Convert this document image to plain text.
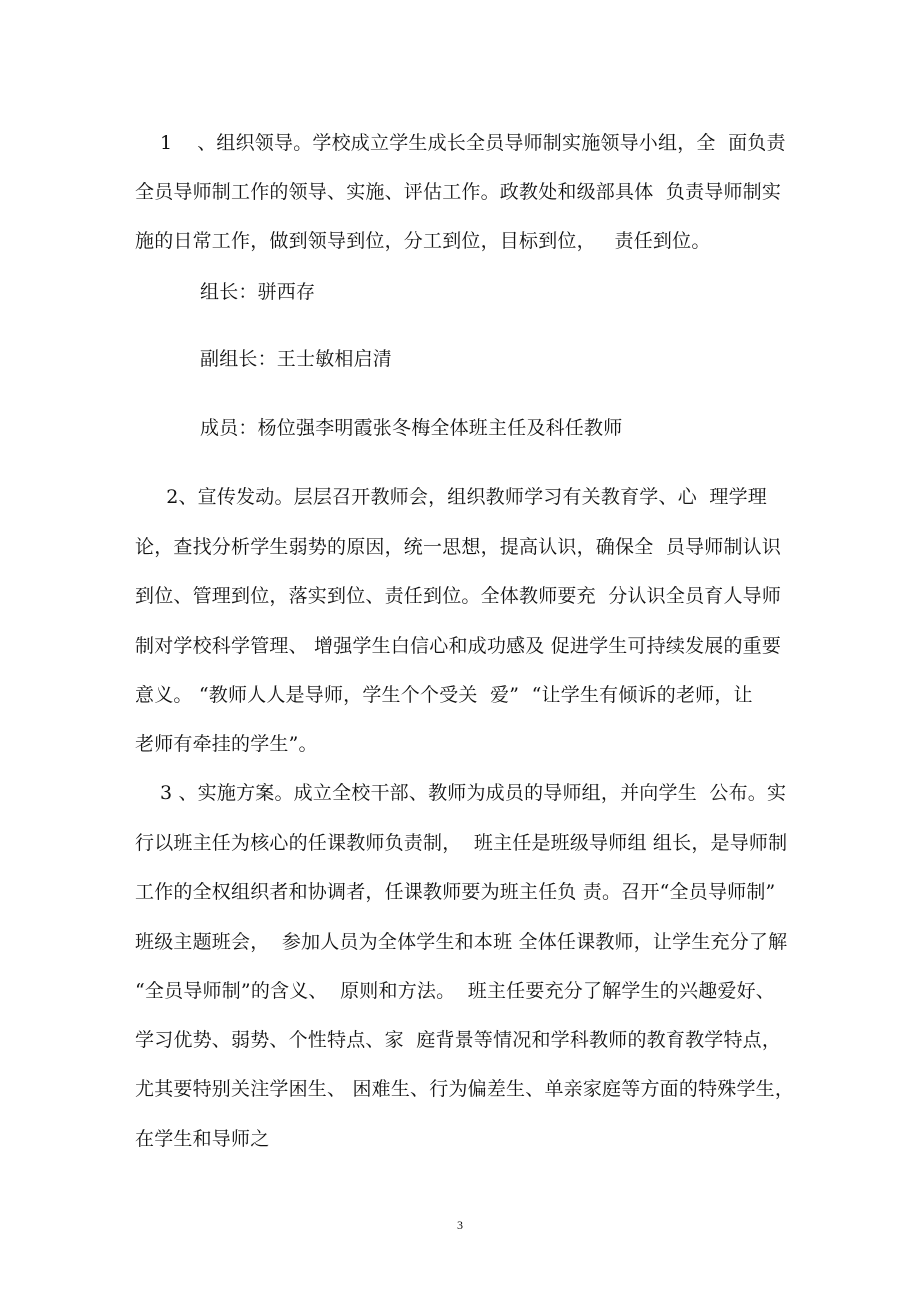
1    、组织领导。学校成立学生成长全员导师制实施领导小组，全  面负责
全员导师制工作的领导、实施、评估工作。政教处和级部具体  负责导师制实
施的日常工作，做到领导到位，分工到位，目标到位，   责任到位。
组长：骈西存
副组长：王士敏相启清
成员：杨位强李明霞张冬梅全体班主任及科任教师
2、宣传发动。层层召开教师会，组织教师学习有关教育学、心  理学理
论，查找分析学生弱势的原因，统一思想，提高认识，确保全  员导师制认识
到位、管理到位，落实到位、责任到位。全体教师要充  分认识全员育人导师
制对学校科学管理、 增强学生白信心和成功感及 促进学生可持续发展的重要
意义。 “教师人人是导师，学生个个受关  爱”  “让学生有倾诉的老师，让
老师有牵挂的学生”。
3 、实施方案。成立全校干部、教师为成员的导师组，并向学生  公布。实
行以班主任为核心的任课教师负责制，  班主任是班级导师组 组长，是导师制
工作的全权组织者和协调者，任课教师要为班主任负 责。召开“全员导师制”
班级主题班会，  参加人员为全体学生和本班 全体任课教师，让学生充分了解
“全员导师制”的含义、  原则和方法。  班主任要充分了解学生的兴趣爱好、
学习优势、弱势、个性特点、家  庭背景等情况和学科教师的教育教学特点，
尤其要特别关注学困生、 困难生、行为偏差生、单亲家庭等方面的特殊学生，
在学生和导师之
3
